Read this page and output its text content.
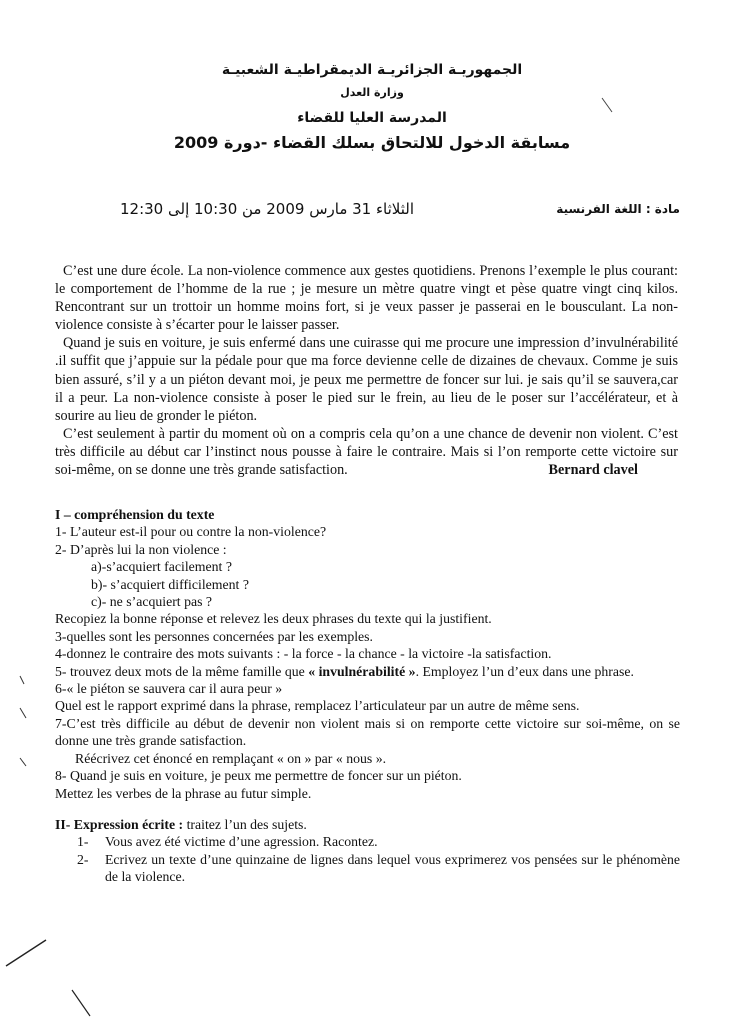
الجمهوريـة الجزائريـة الديمقراطيـة الشعبيـة
وزارة العدل
المدرسة العليا للقضاء
مسابقة الدخول للالتحاق بسلك القضاء -دورة 2009
الثلاثاء 31 مارس 2009 من 10:30 إلى 12:30	مادة : اللغة الفرنسية

C’est une dure école. La non-violence commence aux gestes quotidiens. Prenons l’exemple le plus courant: le comportement de l’homme de la rue ; je mesure un mètre quatre vingt et pèse quatre vingt cinq kilos. Rencontrant sur un trottoir un homme moins fort, si je veux passer je passerai en le bousculant. La non-violence consiste à s’écarter pour le laisser passer.

Quand je suis en voiture, je suis enfermé dans une cuirasse qui me procure une impression d’invulnérabilité .il suffit que j’appuie sur la pédale pour que ma force devienne celle de dizaines de chevaux. Comme je suis bien assuré, s’il y a un piéton devant moi, je peux me permettre de foncer sur lui. je sais qu’il se sauvera,car il a peur. La non-violence consiste à poser le pied sur le frein, au lieu de le poser sur l’accélérateur, et à sourire au lieu de gronder le piéton.

C’est seulement à partir du moment où on a compris cela qu’on a une chance de devenir non violent. C’est très difficile au début car l’instinct nous pousse à faire le contraire. Mais si l’on remporte cette victoire sur soi-même, on se donne une très grande satisfaction.	Bernard clavel

I – compréhension du texte
1- L’auteur est-il pour ou contre la non-violence?
2- D’après lui la non violence :
a)-s’acquiert facilement ?
b)- s’acquiert difficilement ?
c)- ne s’acquiert pas ?
Recopiez la bonne réponse et relevez les deux phrases du texte qui la justifient.
3-quelles sont les personnes concernées par les exemples.
4-donnez le contraire des mots suivants : - la force - la chance - la victoire -la satisfaction.
5- trouvez deux mots de la même famille que « invulnérabilité ». Employez l’un d’eux dans une phrase.
6-« le piéton se sauvera car il aura peur »
Quel est le rapport exprimé dans la phrase, remplacez l’articulateur par un autre de même sens.
7-C’est très difficile au début de devenir non violent mais si on remporte cette victoire sur soi-même, on se donne une très grande satisfaction.
Réécrivez cet énoncé en remplaçant « on » par « nous ».
8- Quand je suis en voiture, je peux me permettre de foncer sur un piéton.
Mettez les verbes de la phrase au futur simple.
II- Expression écrite : traitez l’un des sujets.
1-	Vous avez été victime d’une agression. Racontez.
2-	Ecrivez un texte d’une quinzaine de lignes dans lequel vous exprimerez vos pensées sur le phénomène de la violence.
